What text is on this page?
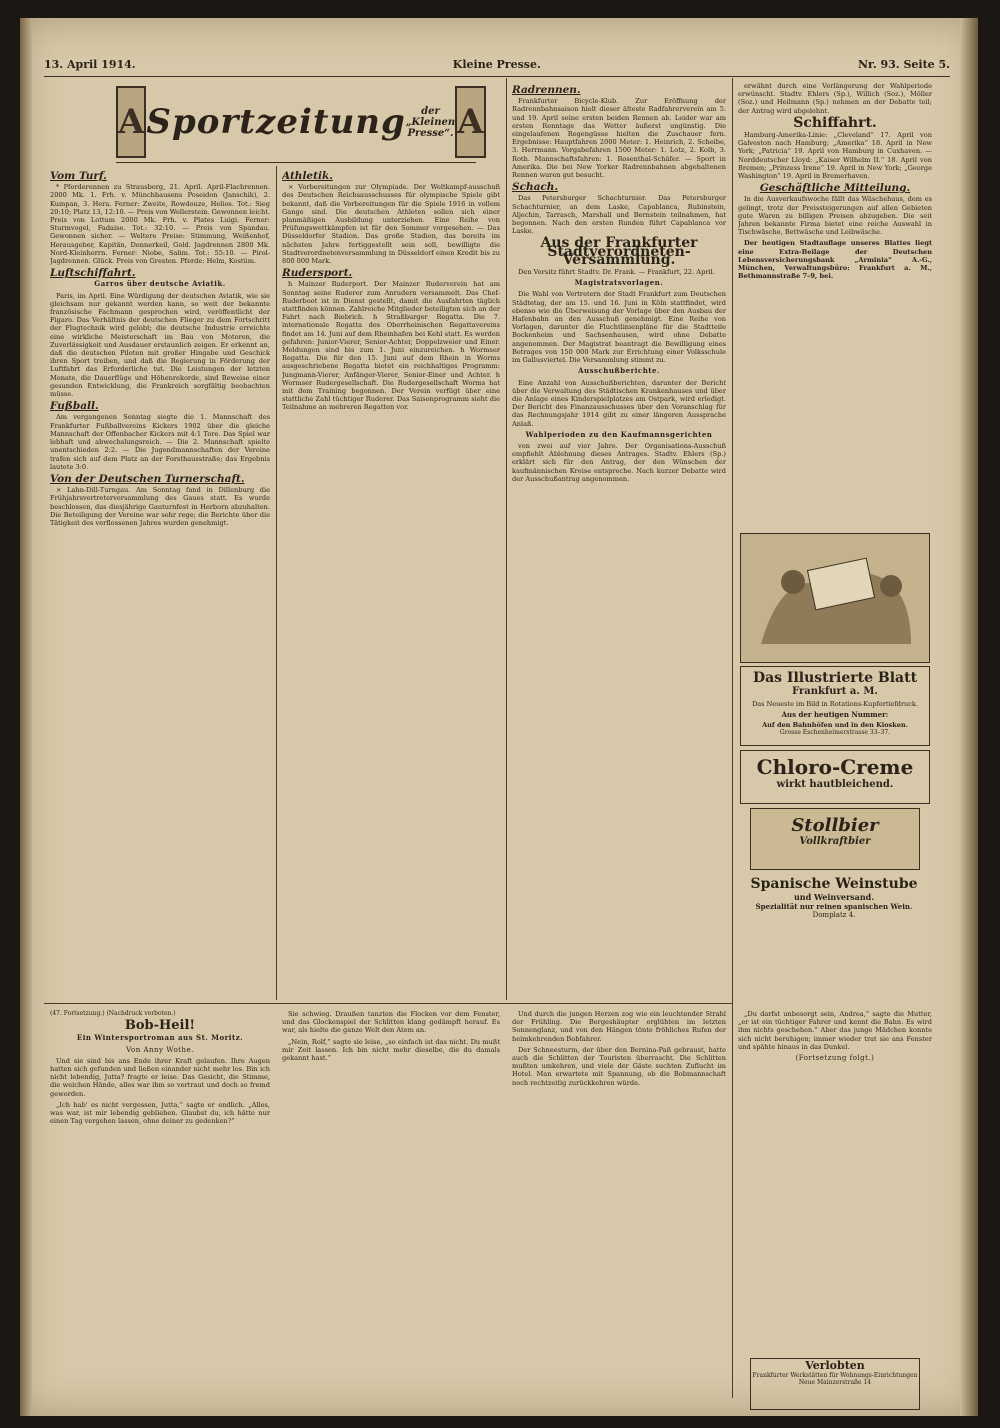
13. April 1914.	Kleine Presse.	Nr. 93. Seite 5.
A Sportzeitung	der „Kleinen Presse“. A
Vom Turf.

* Pferderennen zu Strausberg, 21. April. April-Flachrennen. 2000 Mk. 1. Frh. v. Münchhausens Poseidon (Janschik), 2. Kumpan, 3. Hera. Ferner: Zweite, Rowdouze, Helios. Tot.: Sieg 20:10; Platz 13, 12:10. — Preis von Wellerstein. Gewonnen leicht. Preis von Lottum 2000 Mk. Frh. v. Plates Luigi. Ferner: Sturmvogel, Fadaise. Tot.: 32:10. — Preis von Spandau. Gewonnen sicher. — Weltere Preise: Stimmung, Weißenhof, Herausgeber, Kapitän, Donnerkeil, Gold. Jagdrennen 2800 Mk. Nord-Kleinherrn. Ferner: Niobe, Salim. Tot.: 55:10. — Pirol-Jagdrennen. Glück. Preis von Gresten. Pferde: Helm, Kostüm.

Luftschiffahrt.
Garros über deutsche Aviatik.

Paris, im April. Eine Würdigung der deutschen Aviatik, wie sie gleichsam nur gekannt werden kann, so weit der bekannte französische Fachmann gesprochen wird, veröffentlicht der Figaro. Das Verhältnis der deutschen Flieger zu dem Fortschritt der Flugtechnik wird gelobt; die deutsche Industrie erreichte eine wirkliche Meisterschaft im Bau von Motoren, die Zuverlässigkeit und Ausdauer erstaunlich zeigen. Er erkennt an, daß die deutschen Piloten mit großer Hingabe und Geschick ihren Sport treiben, und daß die Regierung in Förderung der Luftfahrt das Erforderliche tut. Die Leistungen der letzten Monate, die Dauerflüge und Höhenrekorde, sind Beweise einer gesunden Entwicklung, die Frankreich sorgfältig beobachten müsse.

Fußball.

Am vergangenen Sonntag siegte die 1. Mannschaft des Frankfurter Fußballvereins Kickers 1902 über die gleiche Mannschaft der Offenbacher Kickers mit 4:1 Tore. Das Spiel war lebhaft und abwechslungsreich. — Die 2. Mannschaft spielte unentschieden 2:2. — Die Jugendmannschaften der Vereine trafen sich auf dem Platz an der Forsthausstraße; das Ergebnis lautete 3:0.

Von der Deutschen Turnerschaft.

× Lahn-Dill-Turngau. Am Sonntag fand in Dillenburg die Frühjahrsvertreterversammlung des Gaues statt. Es wurde beschlossen, das diesjährige Gauturnfest in Herborn abzuhalten. Die Beteiligung der Vereine war sehr rege; die Berichte über die Tätigkeit des verflossenen Jahres wurden genehmigt.

Athletik.

× Vorbereitungen zur Olympiade. Der Weltkampf-ausschuß des Deutschen Reichsausschusses für olympische Spiele gibt bekannt, daß die Vorbereitungen für die Spiele 1916 in vollem Gange sind. Die deutschen Athleten sollen sich einer planmäßigen Ausbildung unterziehen. Eine Reihe von Prüfungswettkämpfen ist für den Sommer vorgesehen. — Das Düsseldorfer Stadion. Das große Stadion, das bereits im nächsten Jahre fertiggestellt sein soll, bewilligte die Stadtverordnetenversammlung in Düsseldorf einen Kredit bis zu 800 000 Mark.

Rudersport.

h Mainzer Ruderport. Der Mainzer Ruderverein hat am Sonntag seine Ruderer zum Anrudern versammelt. Das Chef-Ruderboot ist in Dienst gestellt, damit die Ausfahrten täglich stattfinden können. Zahlreiche Mitglieder beteiligten sich an der Fahrt nach Biebrich. h Straßburger Regatta. Die 7. internationale Regatta des Oberrheinischen Regattavereins findet am 14. Juni auf dem Rheinhafen bei Kehl statt. Es werden gefahren: Junior-Vierer, Senior-Achter, Doppelzweier und Einer. Meldungen sind bis zum 1. Juni einzureichen. h Wormser Regatta. Die für den 15. Juni auf dem Rhein in Worms ausgeschriebene Regatta bietet ein reichhaltiges Programm: Jungmann-Vierer, Anfänger-Vierer, Senior-Einer und Achter. h Wormser Rudergesellschaft. Die Rudergesellschaft Worms hat mit dem Training begonnen. Der Verein verfügt über eine stattliche Zahl tüchtiger Ruderer. Das Saisonprogramm sieht die Teilnahme an mehreren Regatten vor.

Radrennen.

Frankfurter Bicycle-Klub. Zur Eröffnung der Radrennbahnsaison hielt dieser älteste Radfahrerverein am 5. und 19. April seine ersten beiden Rennen ab. Leider war am ersten Renntage das Wetter äußerst ungünstig. Die eingelaufenen Regengüsse hielten die Zuschauer fern. Ergebnisse: Hauptfahren 2000 Meter: 1. Heinrich, 2. Scheibe, 3. Herrmann. Vorgabefahren 1500 Meter: 1. Lotz, 2. Kolb, 3. Roth. Mannschaftsfahren: 1. Rosenthal-Schäfer. — Sport in Amerika. Die bei New Yorker Radrennbahnen abgehaltenen Rennen waren gut besucht.

Schach.

Das Petersburger Schachturnier. Das Petersburger Schachturnier, an dem Laske, Capablanca, Rubinstein, Aljechin, Tarrasch, Marshall und Bernstein teilnahmen, hat begonnen. Nach den ersten Runden führt Capablanca vor Laske.

Aus der Frankfurter Stadtverordneten-Versammlung.

Den Vorsitz führt Stadtv. Dr. Frank. — Frankfurt, 22. April.

Magistratsvorlagen.

Die Wahl von Vertretern der Stadt Frankfurt zum Deutschen Städtetag, der am 15. und 16. Juni in Köln stattfindet, wird ebenso wie die Überweisung der Vorlage über den Ausbau der Hafenbahn an den Ausschuß genehmigt. Eine Reihe von Vorlagen, darunter die Fluchtlinienpläne für die Stadtteile Bockenheim und Sachsenhausen, wird ohne Debatte angenommen. Der Magistrat beantragt die Bewilligung eines Betrages von 150 000 Mark zur Errichtung einer Volksschule im Gallusviertel. Die Versammlung stimmt zu.

Ausschußberichte.

Eine Anzahl von Ausschußberichten, darunter der Bericht über die Verwaltung des Städtischen Krankenhauses und über die Anlage eines Kinderspielplatzes am Ostpark, wird erledigt. Der Bericht des Finanzausschusses über den Voranschlag für das Rechnungsjahr 1914 gibt zu einer längeren Aussprache Anlaß.

Wahlperioden zu den Kaufmannsgerichten

von zwei auf vier Jahre. Der Organisations-Ausschuß empfiehlt Ablehnung dieses Antrages. Stadtv. Ehlers (Sp.) erklärt sich für den Antrag, der den Wünschen der kaufmännischen Kreise entspreche. Nach kurzer Debatte wird der Ausschußantrag angenommen.

erwähnt durch eine Verlängerung der Wahlperiode erwünscht. Stadtv. Ehlers (Sp.), Willich (Soz.), Möller (Soz.) und Heilmann (Sp.) nehmen an der Debatte teil; der Antrag wird abgelehnt.

Schiffahrt.

Hamburg-Amerika-Linie: „Cleveland“ 17. April von Galveston nach Hamburg; „Amerika“ 18. April in New York; „Patricia“ 19. April von Hamburg in Cuxhaven. — Norddeutscher Lloyd: „Kaiser Wilhelm II.“ 18. April von Bremen; „Prinzess Irene“ 19. April in New York; „George Washington“ 19. April in Bremerhaven.

Geschäftliche Mitteilung.

In die Ausverkaufswoche fällt das Wäschehaus, dem es gelingt, trotz der Preissteigerungen auf allen Gebieten gute Waren zu billigen Preisen abzugeben. Die seit Jahren bekannte Firma bietet eine reiche Auswahl in Tischwäsche, Bettwäsche und Leibwäsche.

Der heutigen Stadtauflage unseres Blattes liegt eine Extra-Beilage der Deutschen Lebensversicherungsbank „Arminia“ A.-G., München, Verwaltungsbüro: Frankfurt a. M., Bethmannstraße 7–9, bei.

Das Illustrierte Blatt
Frankfurt a. M.
Das Neueste im Bild in Rotations-Kupfertiefdruck.
Aus der heutigen Nummer:
Auf den Bahnhöfen und in den Kiosken.
Grosse Eschenheimerstrasse 33–37.
Chloro-Creme
wirkt hautbleichend.
Stollbier
Vollkraftbier
Spanische Weinstube
und Weinversand.
Spezialität nur reinen spanischen Wein.
Domplatz 4.
Verlobten
Frankfurter Werkstätten für Wohnungs-Einrichtungen
Neue Mainzerstraße 14
(47. Fortsetzung.) (Nachdruck verboten.)
Bob-Heil!
Ein Wintersportroman aus St. Moritz.
Von Anny Wothe.

Und sie sind bis ans Ende ihrer Kraft gelaufen. Ihre Augen hatten sich gefunden und ließen einander nicht mehr los. Bin ich nicht lebendig, Jutta? fragte er leise. Das Gesicht, die Stimme, die weichen Hände, alles war ihm so vertraut und doch so fremd geworden.

„Ich hab' es nicht vergessen, Jutta,“ sagte er endlich. „Alles, was war, ist mir lebendig geblieben. Glaubst du, ich hätte nur einen Tag vergehen lassen, ohne deiner zu gedenken?“

Sie schwieg. Draußen tanzten die Flocken vor dem Fenster, und das Glockenspiel der Schlitten klang gedämpft herauf. Es war, als hielte die ganze Welt den Atem an.

„Nein, Rolf,“ sagte sie leise, „so einfach ist das nicht. Du mußt mir Zeit lassen. Ich bin nicht mehr dieselbe, die du damals gekannt hast.“

Und durch die jungen Herzen zog wie ein leuchtender Strahl der Frühling. Die Bergeshäupter erglühten im letzten Sonnenglanz, und von den Hängen tönte fröhliches Rufen der heimkehrenden Bobfahrer.

Der Schneesturm, der über den Bernina-Paß gebraust, hatte auch die Schlitten der Touristen überrascht. Die Schlitten mußten umkehren, und viele der Gäste suchten Zuflucht im Hotel. Man erwartete mit Spannung, ob die Bobmannschaft noch rechtzeitig zurückkehren würde.

„Du darfst unbesorgt sein, Andrea,“ sagte die Mutter, „er ist ein tüchtiger Fahrer und kennt die Bahn. Es wird ihm nichts geschehen.“ Aber das junge Mädchen konnte sich nicht beruhigen; immer wieder trat sie ans Fenster und spähte hinaus in das Dunkel.

(Fortsetzung folgt.)
